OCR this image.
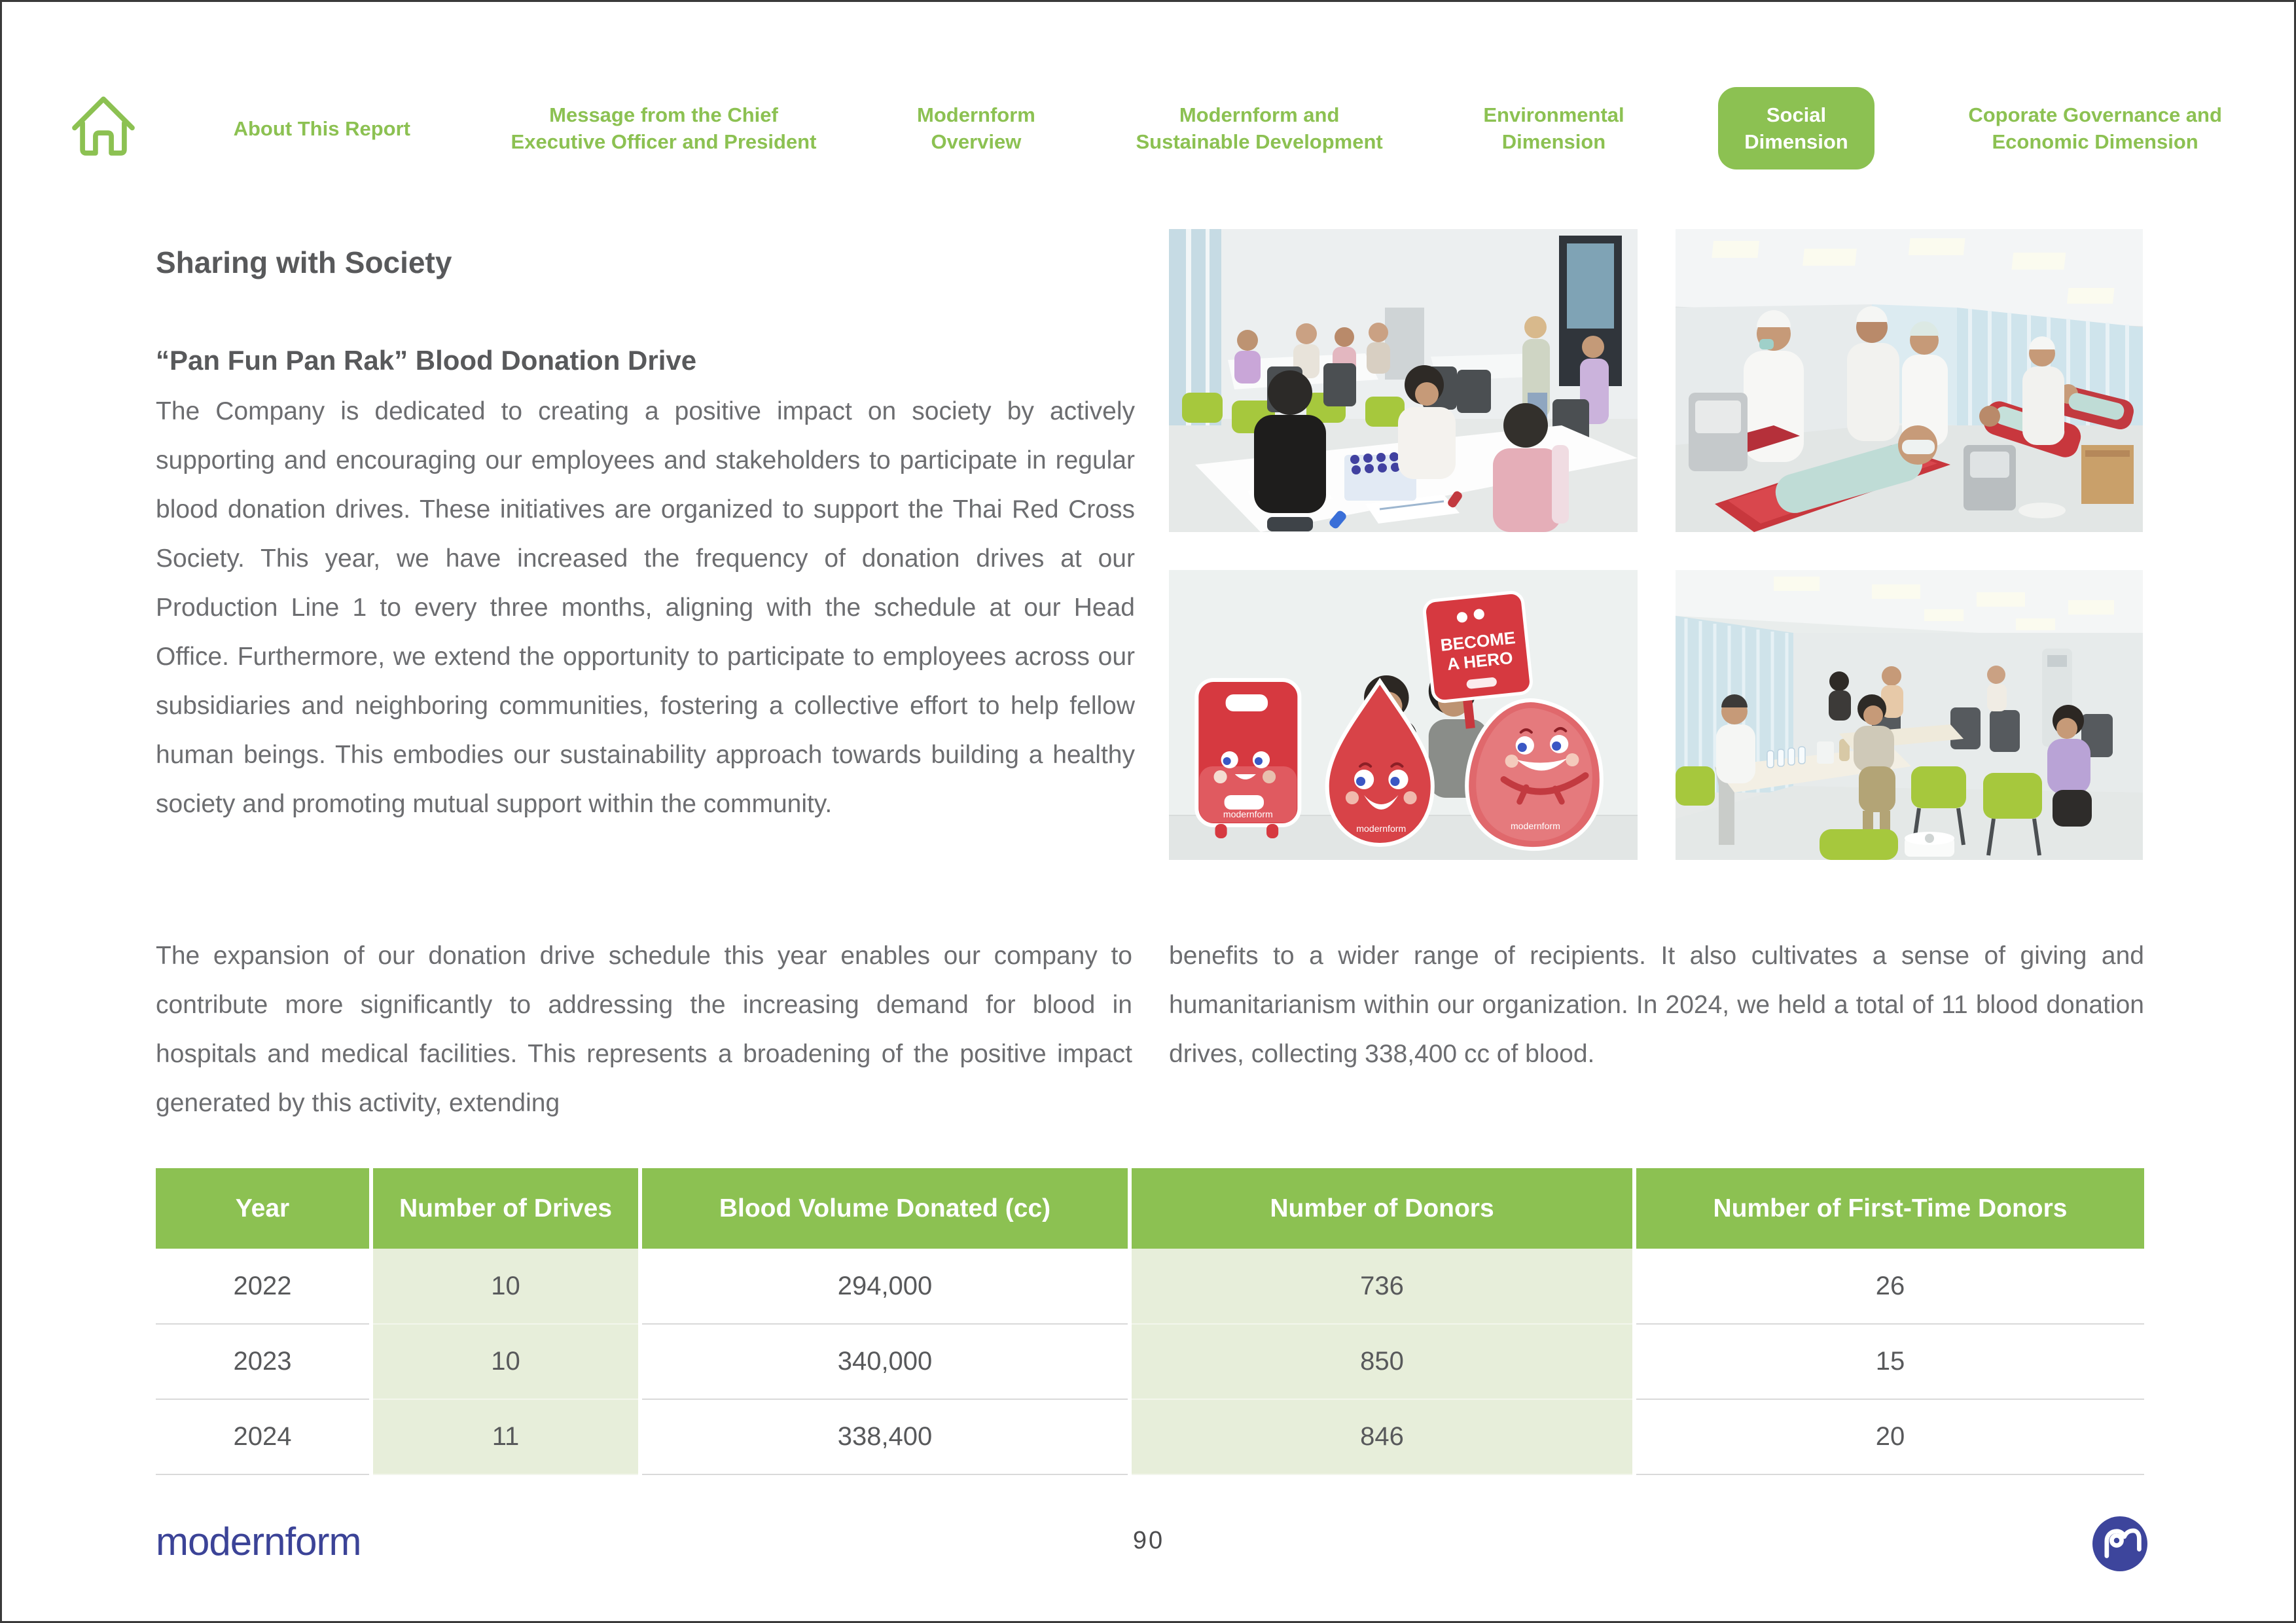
About This Report
Message from the Chief
Executive Officer and President
Modernform
Overview
Modernform and
Sustainable Development
Environmental
Dimension
Social
Dimension
Coporate Governance and
Economic Dimension
Sharing with Society
“Pan Fun Pan Rak” Blood Donation Drive

The Company is dedicated to creating a positive impact on society by actively supporting and encouraging our employees and stakeholders to participate in regular blood donation drives. These initiatives are organized to support the Thai Red Cross Society. This year, we have increased the frequency of donation drives at our Production Line 1 to every three months, aligning with the schedule at our Head Office. Furthermore, we extend the opportunity to participate to employees across our subsidiaries and neighboring communities, fostering a collective effort to help fellow human beings. This embodies our sustainability approach towards building a healthy society and promoting mutual support within the community.

The expansion of our donation drive schedule this year enables our company to contribute more significantly to addressing the increasing demand for blood in hospitals and medical facilities. This represents a broadening of the positive impact generated by this activity, extending

benefits to a wider range of recipients. It also cultivates a sense of giving and humanitarianism within our organization. In 2024, we held a total of 11 blood donation drives, collecting 338,400 cc of blood.

BECOME
A HERO
modernform
modernform	modernform
Year	Number of Drives	Blood Volume Donated (cc)	Number of Donors	Number of First-Time Donors
2022	10	294,000	736	26
2023	10	340,000	850	15
2024	11	338,400	846	20
modernform	90
